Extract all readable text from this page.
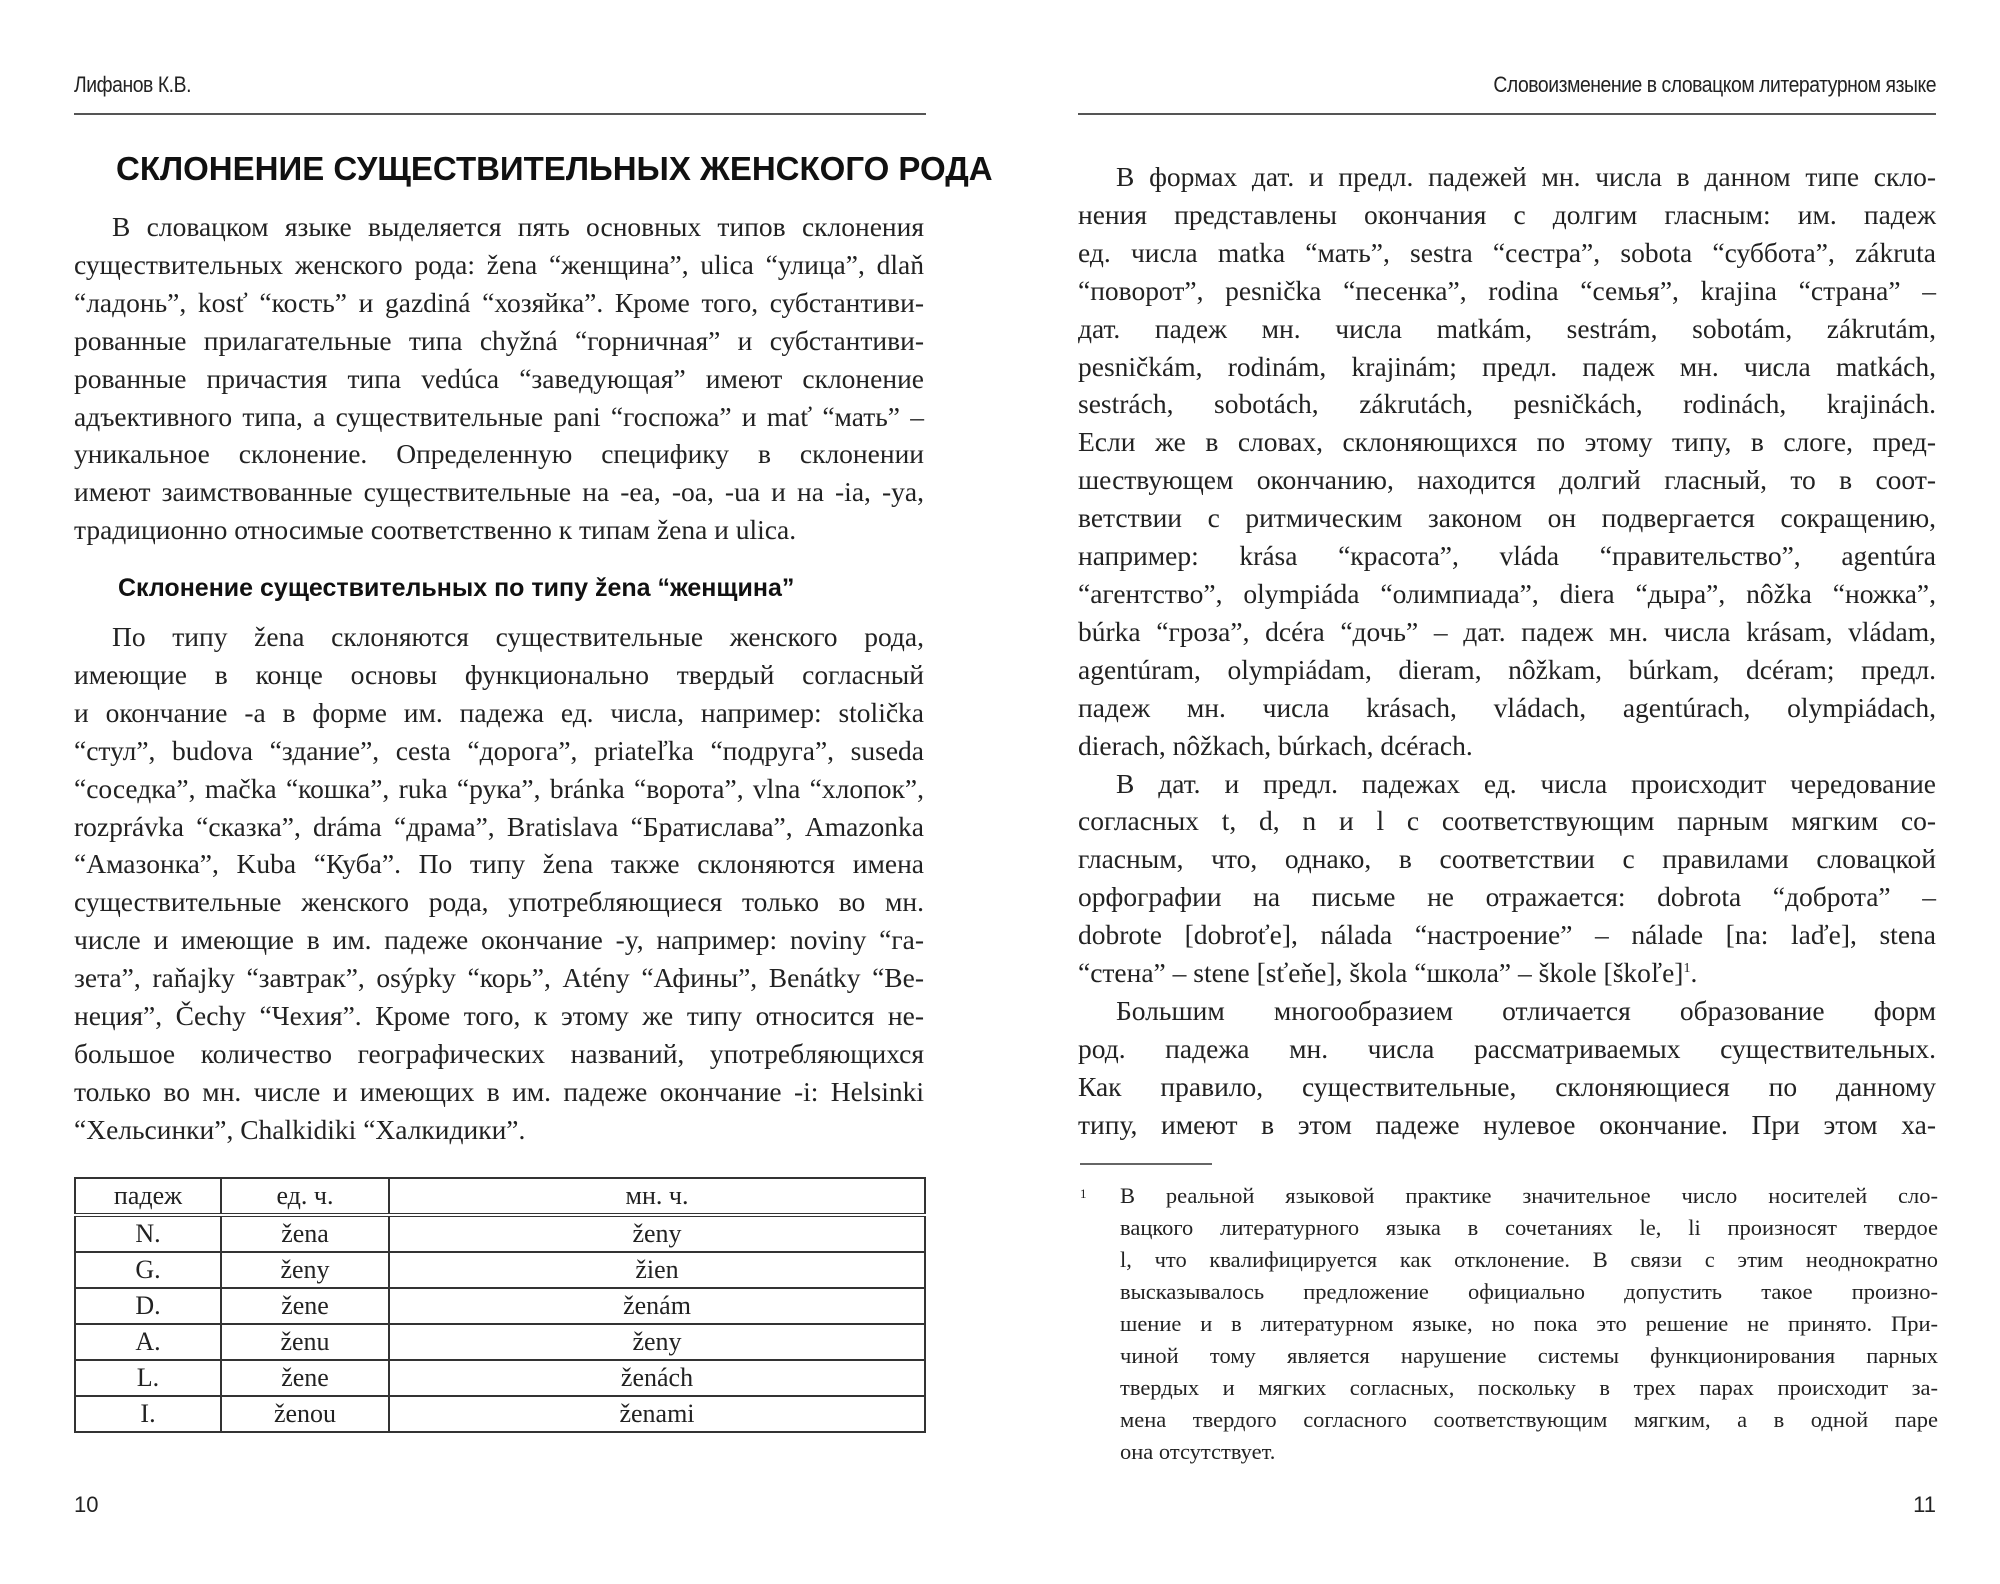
Лифанов К.В.
СКЛОНЕНИЕ СУЩЕСТВИТЕЛЬНЫХ ЖЕНСКОГО РОДА
В словацком языке выделяется пять основных типов склонения
существительных женского рода: žena “женщина”, ulica “улица”, dlaň
“ладонь”, kosť “кость” и gazdiná “хозяйка”. Кроме того, субстантиви-
рованные прилагательные типа chyžná “горничная” и субстантиви-
рованные причастия типа vedúca “заведующая” имеют склонение
адъективного типа, а существительные pani “госпожа” и mať “мать” –
уникальное склонение. Определенную специфику в склонении
имеют заимствованные существительные на -ea, -oa, -ua и на -ia, -ya,
традиционно относимые соответственно к типам žena и ulica.
Склонение существительных по типу žena “женщина”
По типу žena склоняются существительные женского рода,
имеющие в конце основы функционально твердый согласный
и окончание -a в форме им. падежа ед. числа, например: stolička
“стул”, budova “здание”, cesta “дорога”, priateľka “подруга”, suseda
“соседка”, mačka “кошка”, ruka “рука”, bránka “ворота”, vlna “хлопок”,
rozprávka “сказка”, dráma “драма”, Bratislava “Братислава”, Amazonka
“Амазонка”, Kuba “Куба”. По типу žena также склоняются имена
существительные женского рода, употребляющиеся только во мн.
числе и имеющие в им. падеже окончание -y, например: noviny “га-
зета”, raňajky “завтрак”, osýpky “корь”, Atény “Афины”, Benátky “Ве-
неция”, Čechy “Чехия”. Кроме того, к этому же типу относится не-
большое количество географических названий, употребляющихся
только во мн. числе и имеющих в им. падеже окончание -i: Helsinki
“Хельсинки”, Chalkidiki “Халкидики”.
падеж	ед. ч.	мн. ч.
N.	žena	ženy
G.	ženy	žien
D.	žene	ženám
A.	ženu	ženy
L.	žene	ženách
I.	ženou	ženami
10
Словоизменение в словацком литературном языке
В формах дат. и предл. падежей мн. числа в данном типе скло-
нения представлены окончания с долгим гласным: им. падеж
ед. числа matka “мать”, sestra “сестра”, sobota “суббота”, zákruta
“поворот”, pesnička “песенка”, rodina “семья”, krajina “страна” –
дат. падеж мн. числа matkám, sestrám, sobotám, zákrutám,
pesničkám, rodinám, krajinám; предл. падеж мн. числа matkách,
sestrách, sobotách, zákrutách, pesničkách, rodinách, krajinách.
Если же в словах, склоняющихся по этому типу, в слоге, пред-
шествующем окончанию, находится долгий гласный, то в соот-
ветствии с ритмическим законом он подвергается сокращению,
например: krása “красота”, vláda “правительство”, agentúra
“агентство”, olympiáda “олимпиада”, diera “дыра”, nôžka “ножка”,
búrka “гроза”, dcéra “дочь” – дат. падеж мн. числа krásam, vládam,
agentúram, olympiádam, dieram, nôžkam, búrkam, dcéram; предл.
падеж мн. числа krásach, vládach, agentúrach, olympiádach,
dierach, nôžkach, búrkach, dcérach.
В дат. и предл. падежах ед. числа происходит чередование
согласных t, d, n и l с соответствующим парным мягким со-
гласным, что, однако, в соответствии с правилами словацкой
орфографии на письме не отражается: dobrota “доброта” –
dobrote [dobroťe], nálada “настроение” – nálade [na: laďe], stena
“стена” – stene [sťeňe], škola “школа” – škole [škoľe]$^1$.
Большим многообразием отличается образование форм
род. падежа мн. числа рассматриваемых существительных.
Как правило, существительные, склоняющиеся по данному
типу, имеют в этом падеже нулевое окончание. При этом ха-
11
1 В реальной языковой практике значительное число носителей сло-
вацкого литературного языка в сочетаниях le, li произносят твердое
l, что квалифицируется как отклонение. В связи с этим неоднократно
высказывалось предложение официально допустить такое произно-
шение и в литературном языке, но пока это решение не принято. При-
чиной тому является нарушение системы функционирования парных
твердых и мягких согласных, поскольку в трех парах происходит за-
мена твердого согласного соответствующим мягким, а в одной паре
она отсутствует.
